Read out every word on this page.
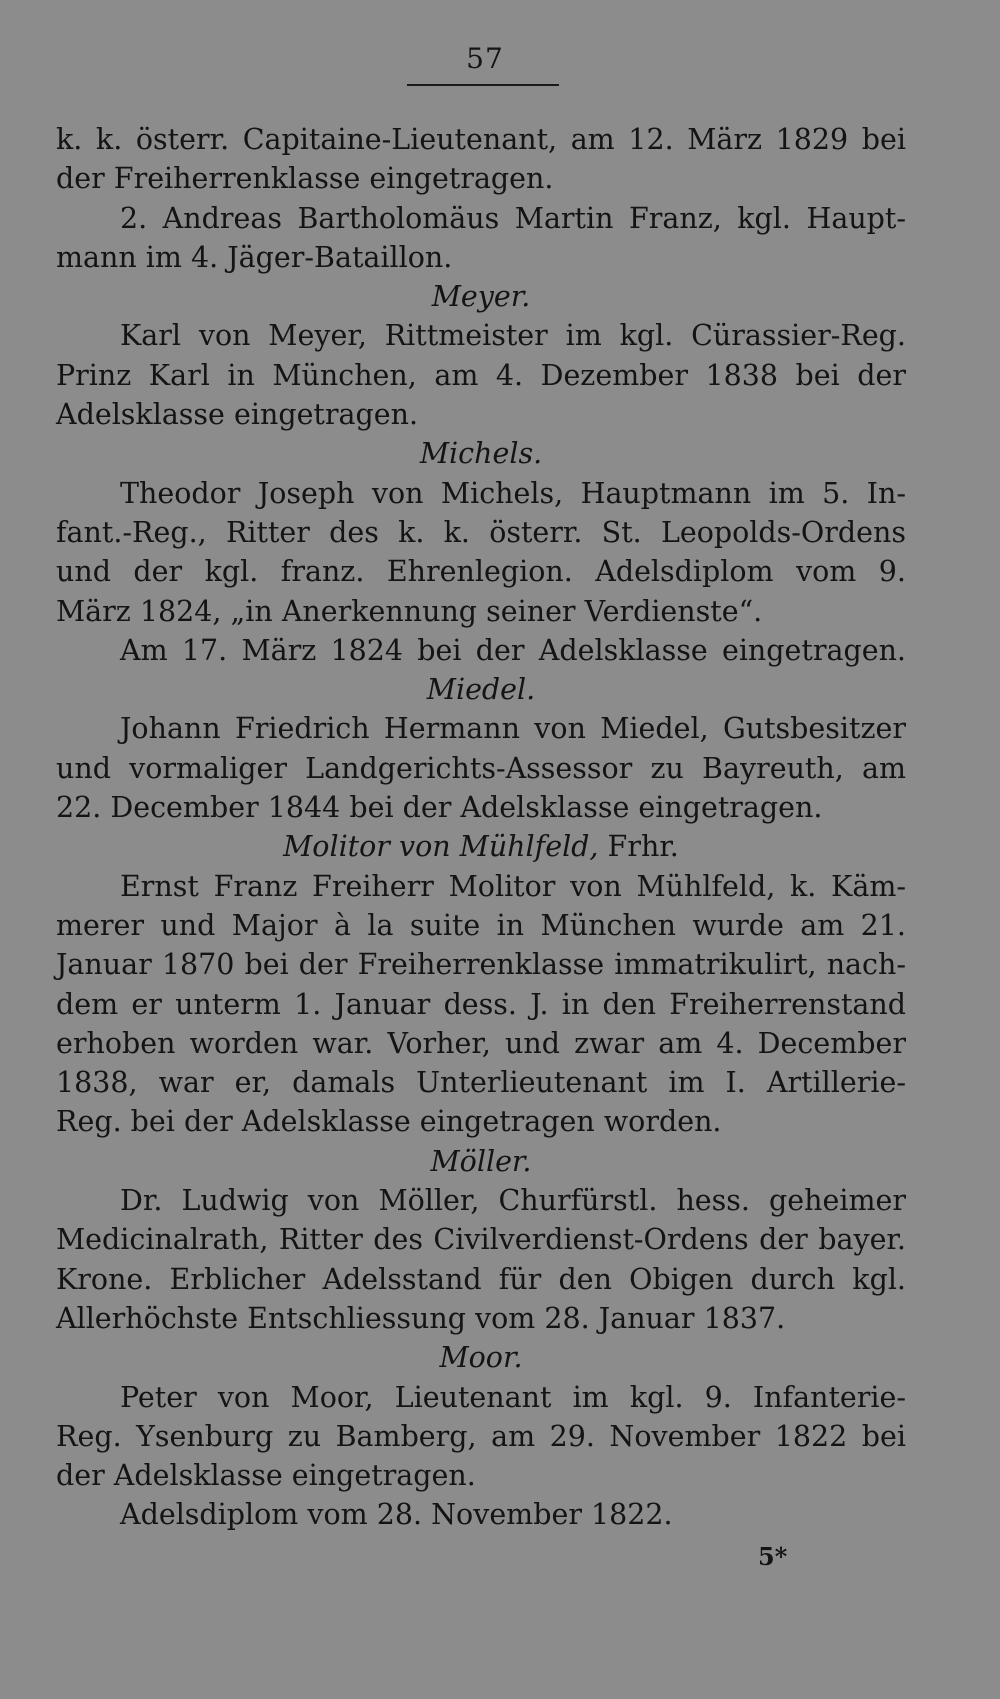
57
k. k. österr. Capitaine-Lieutenant, am 12. März 1829 bei
der Freiherrenklasse eingetragen.
2. Andreas Bartholomäus Martin Franz, kgl. Haupt-
mann im 4. Jäger-Bataillon.
Meyer.
Karl von Meyer, Rittmeister im kgl. Cürassier-Reg.
Prinz Karl in München, am 4. Dezember 1838 bei der
Adelsklasse eingetragen.
Michels.
Theodor Joseph von Michels, Hauptmann im 5. In-
fant.-Reg., Ritter des k. k. österr. St. Leopolds-Ordens
und der kgl. franz. Ehrenlegion. Adelsdiplom vom 9.
März 1824, „in Anerkennung seiner Verdienste“.
Am 17. März 1824 bei der Adelsklasse eingetragen.
Miedel.
Johann Friedrich Hermann von Miedel, Gutsbesitzer
und vormaliger Landgerichts-Assessor zu Bayreuth, am
22. December 1844 bei der Adelsklasse eingetragen.
Molitor von Mühlfeld, Frhr.
Ernst Franz Freiherr Molitor von Mühlfeld, k. Käm-
merer und Major à la suite in München wurde am 21.
Januar 1870 bei der Freiherrenklasse immatrikulirt, nach-
dem er unterm 1. Januar dess. J. in den Freiherrenstand
erhoben worden war. Vorher, und zwar am 4. December
1838, war er, damals Unterlieutenant im I. Artillerie-
Reg. bei der Adelsklasse eingetragen worden.
Möller.
Dr. Ludwig von Möller, Churfürstl. hess. geheimer
Medicinalrath, Ritter des Civilverdienst-Ordens der bayer.
Krone. Erblicher Adelsstand für den Obigen durch kgl.
Allerhöchste Entschliessung vom 28. Januar 1837.
Moor.
Peter von Moor, Lieutenant im kgl. 9. Infanterie-
Reg. Ysenburg zu Bamberg, am 29. November 1822 bei
der Adelsklasse eingetragen.
Adelsdiplom vom 28. November 1822.
5*
